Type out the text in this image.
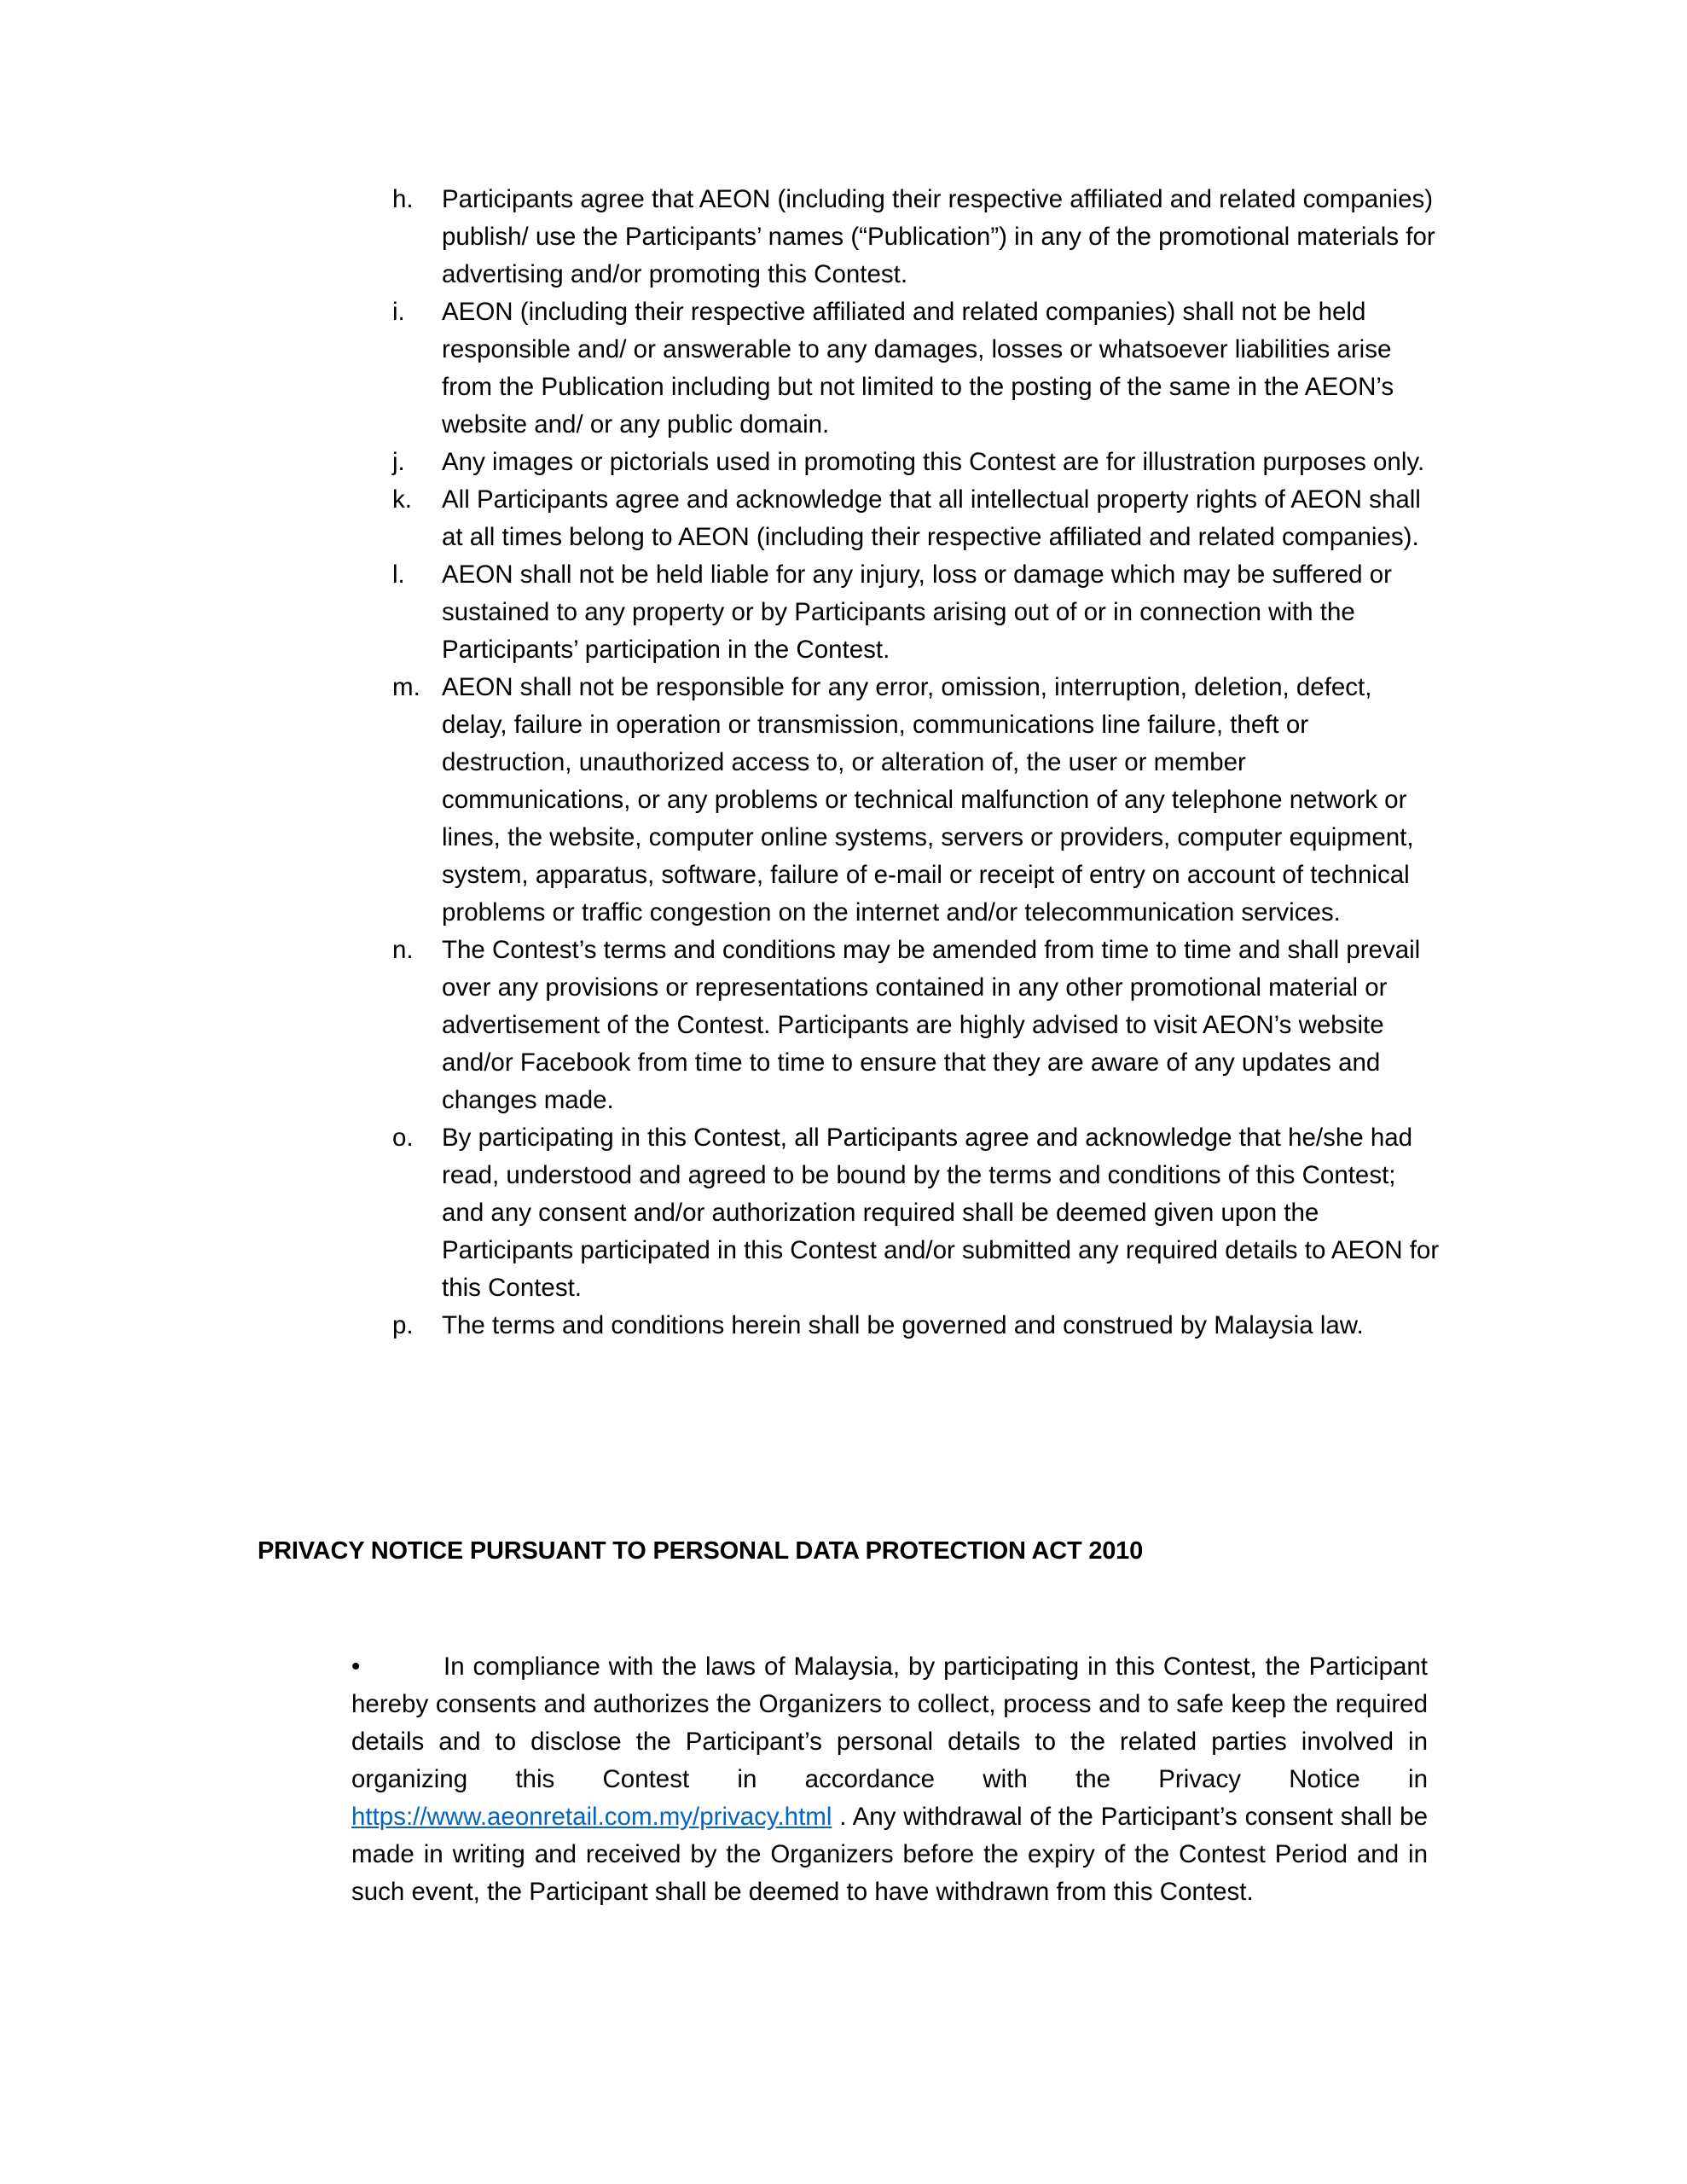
h.	Participants agree that AEON (including their respective affiliated and related companies) publish/ use the Participants’ names (“Publication”) in any of the promotional materials for advertising and/or promoting this Contest.
i.	AEON (including their respective affiliated and related companies) shall not be held responsible and/ or answerable to any damages, losses or whatsoever liabilities arise from the Publication including but not limited to the posting of the same in the AEON’s website and/ or any public domain.
j.	Any images or pictorials used in promoting this Contest are for illustration purposes only.
k.	All Participants agree and acknowledge that all intellectual property rights of AEON shall at all times belong to AEON (including their respective affiliated and related companies).
l.	AEON shall not be held liable for any injury, loss or damage which may be suffered or sustained to any property or by Participants arising out of or in connection with the Participants’ participation in the Contest.
m. AEON shall not be responsible for any error, omission, interruption, deletion, defect, delay, failure in operation or transmission, communications line failure, theft or destruction, unauthorized access to, or alteration of, the user or member communications, or any problems or technical malfunction of any telephone network or lines, the website, computer online systems, servers or providers, computer equipment, system, apparatus, software, failure of e-mail or receipt of entry on account of technical problems or traffic congestion on the internet and/or telecommunication services.
n.	The Contest’s terms and conditions may be amended from time to time and shall prevail over any provisions or representations contained in any other promotional material or advertisement of the Contest. Participants are highly advised to visit AEON’s website and/or Facebook from time to time to ensure that they are aware of any updates and changes made.
o.	By participating in this Contest, all Participants agree and acknowledge that he/she had read, understood and agreed to be bound by the terms and conditions of this Contest; and any consent and/or authorization required shall be deemed given upon the Participants participated in this Contest and/or submitted any required details to AEON for this Contest.
p.	The terms and conditions herein shall be governed and construed by Malaysia law.
PRIVACY NOTICE PURSUANT TO PERSONAL DATA PROTECTION ACT 2010

•	In compliance with the laws of Malaysia, by participating in this Contest, the Participant hereby consents and authorizes the Organizers to collect, process and to safe keep the required details and to disclose the Participant’s personal details to the related parties involved in organizing this Contest in accordance with the Privacy Notice in https://www.aeonretail.com.my/privacy.html . Any withdrawal of the Participant’s consent shall be made in writing and received by the Organizers before the expiry of the Contest Period and in such event, the Participant shall be deemed to have withdrawn from this Contest.
